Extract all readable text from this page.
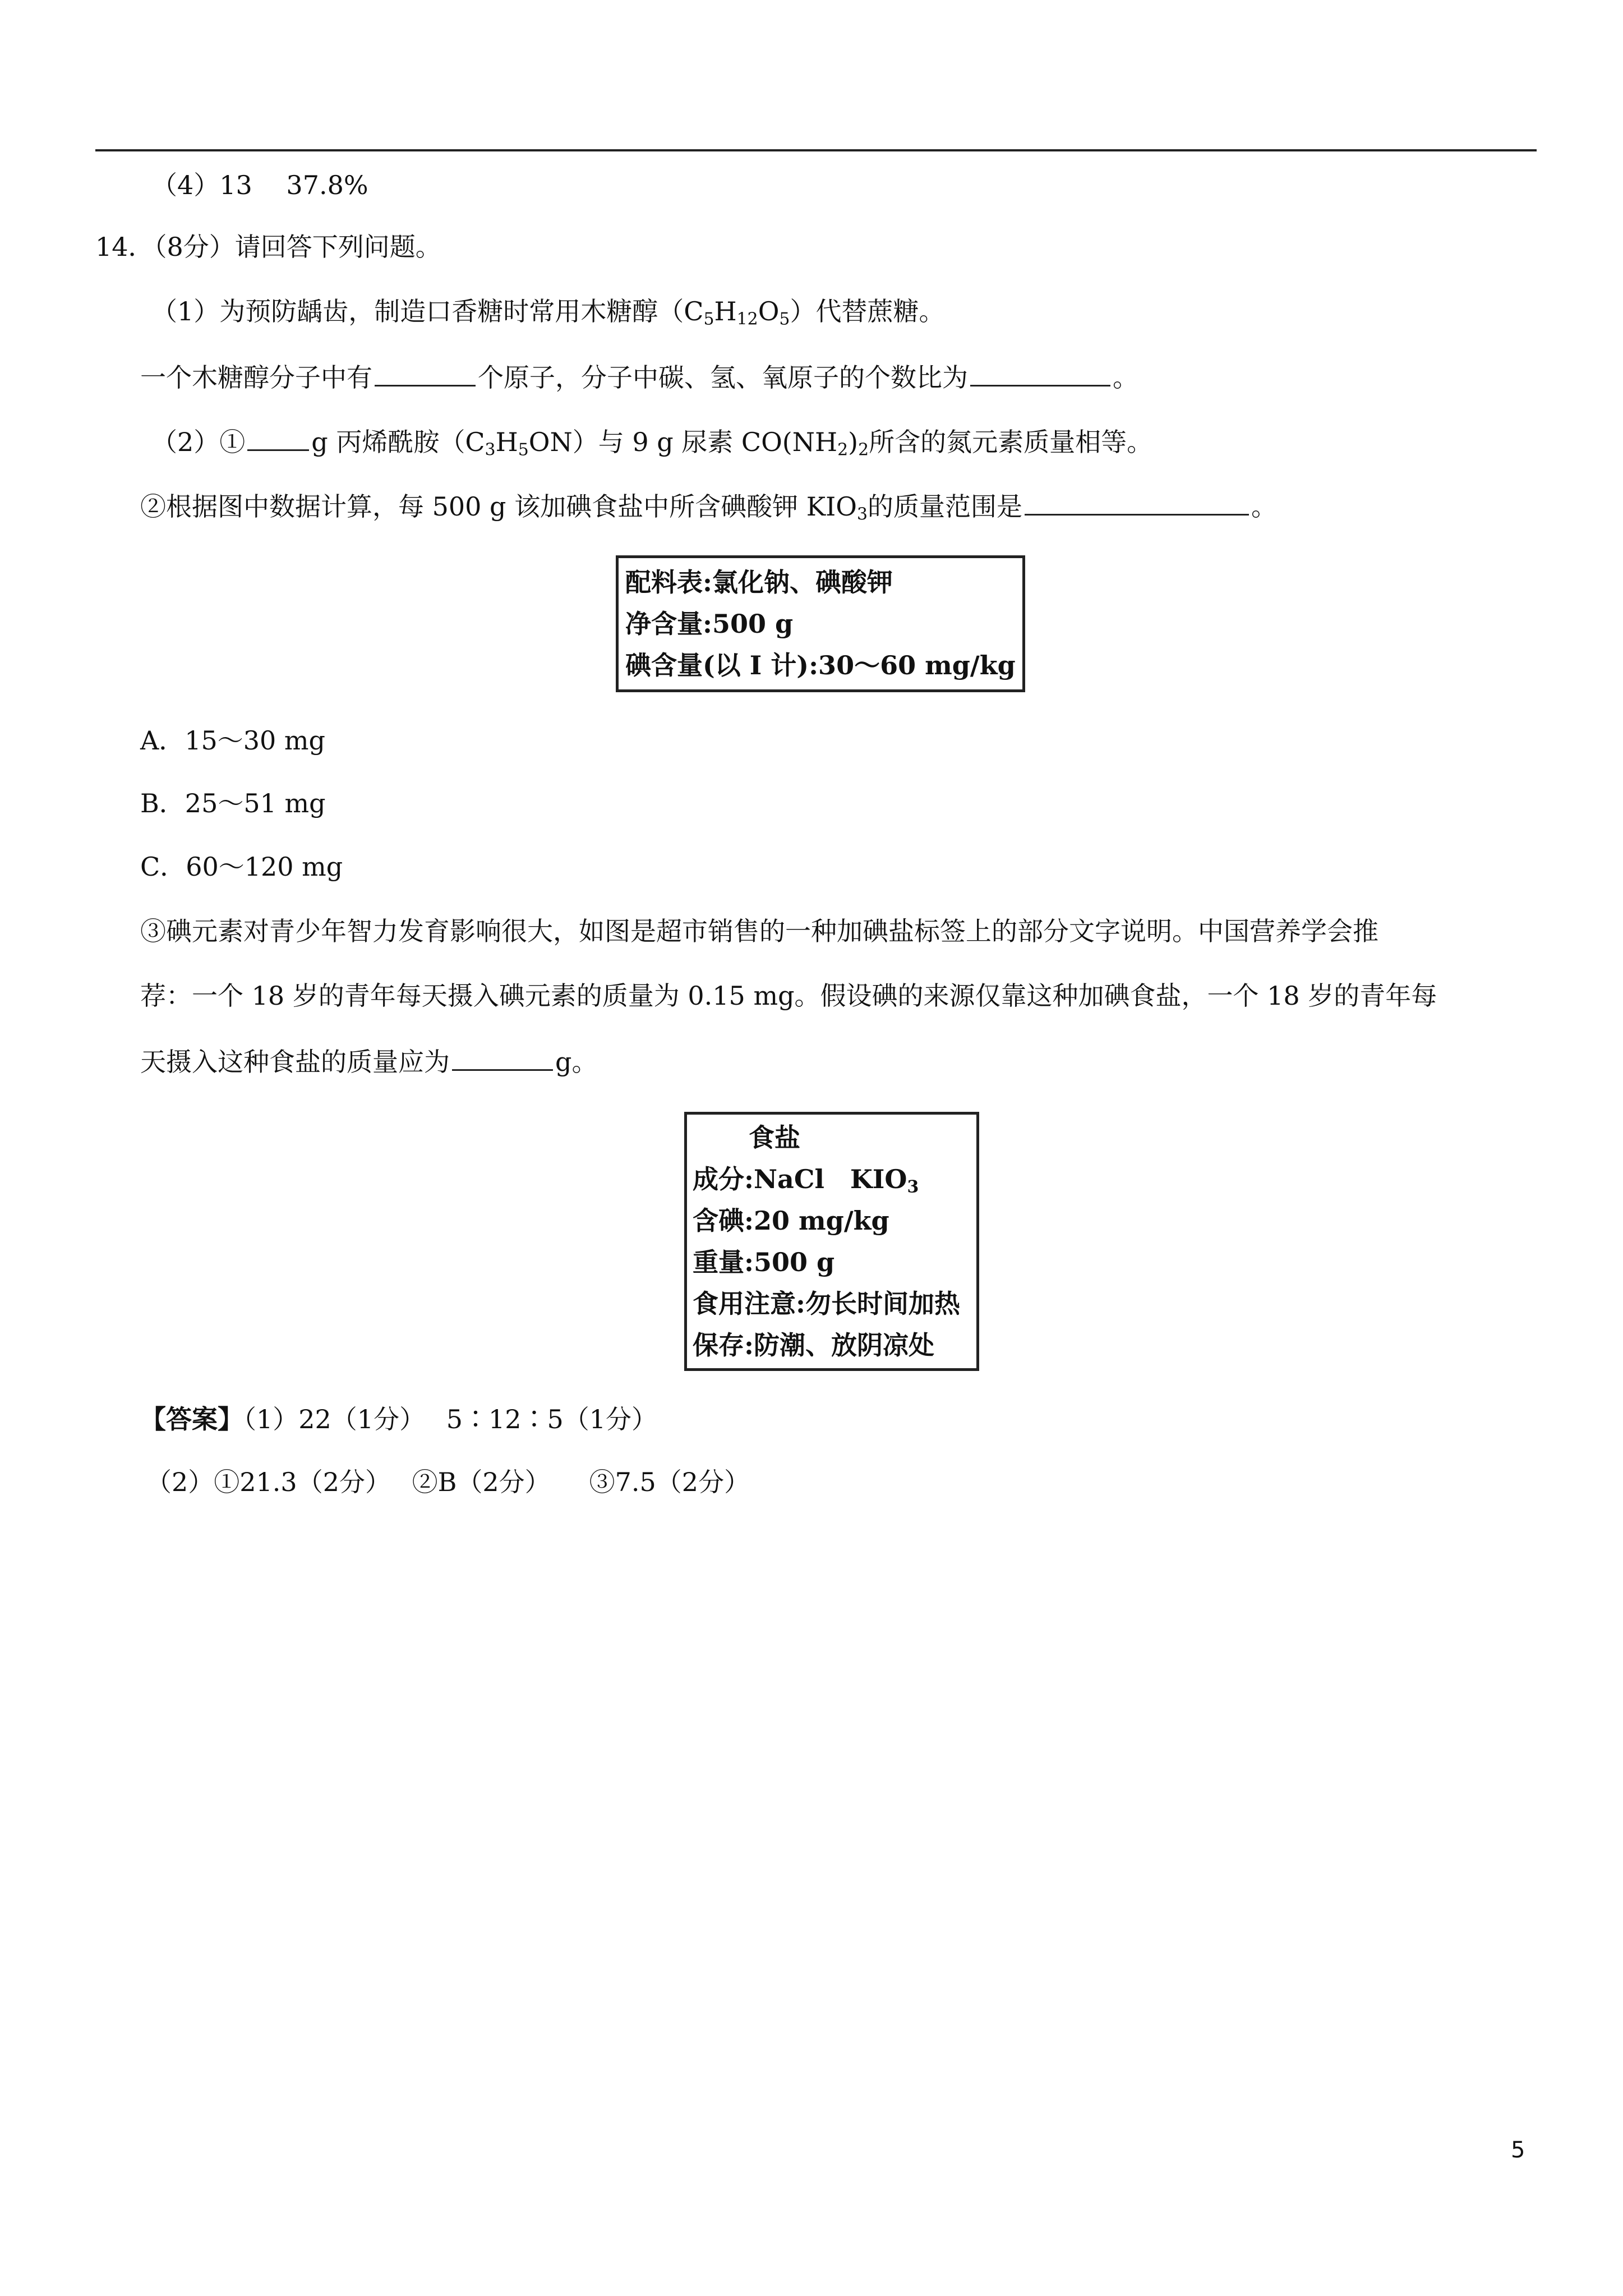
（4）13　 37.8%
14．（8分）请回答下列问题。
（1）为预防龋齿，制造口香糖时常用木糖醇$(C_5H_{12}O_5)$代替蔗糖。
一个木糖醇分子中有	个原子，分子中碳、氢、氧原子的个数比为	。
（2）①	g 丙烯酰胺$(C_3H_5ON)$与 9 g 尿素 $CO(NH_2)_2$所含的氮元素质量相等。
②根据图中数据计算，每 500 g 该加碘食盐中所含碘酸钾 $KIO_3$的质量范围是	。
配料表:氯化钠、碘酸钾
净含量:500 g
碘含量(以 I 计):30～60 mg/kg
A．15～30 mg
B．25～51 mg
C．60～120 mg
③碘元素对青少年智力发育影响很大，如图是超市销售的一种加碘盐标签上的部分文字说明。中国营养学会推
荐：一个 18 岁的青年每天摄入碘元素的质量为 0.15 mg。假设碘的来源仅靠这种加碘食盐，一个 18 岁的青年每
天摄入这种食盐的质量应为	g。
食盐
成分:NaCl　$KIO_3$
含碘:20 mg/kg
重量:500 g
食用注意:勿长时间加热
保存:防潮、放阴凉处
【答案】（1）22（1分）　 5∶12∶5（1分）
（2）①21.3（2分）　 ②B（2分）　　③7.5（2分）
5
